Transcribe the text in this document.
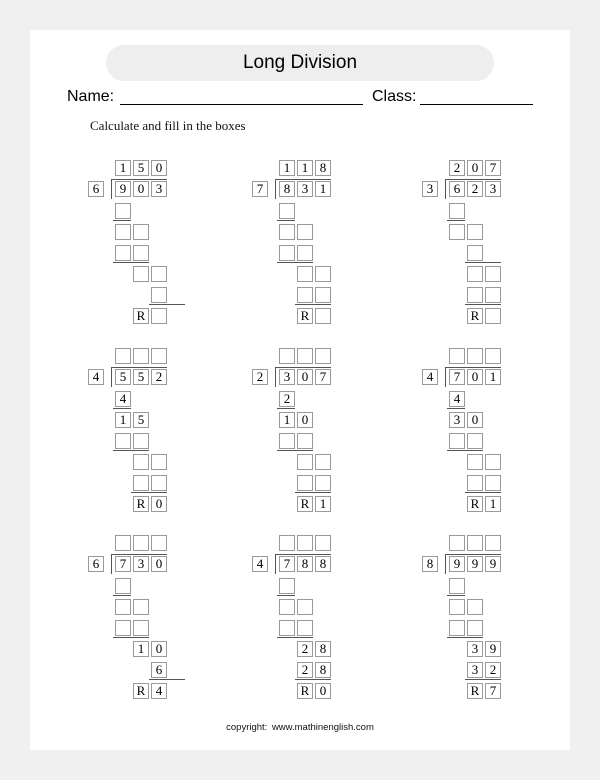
Long Division
Name:	Class:
Calculate and fill in the boxes
1 5 0
6	9 0 3
R
1 1 8
7	8 3 1
R
2 0 7
3	6 2 3
R
4	5 5 2
4
1 5
R 0
2	3 0 7
2
1 0
R 1
4	7 0 1
4
3 0
R 1
6	7 3 0
1 0
6
R 4
4	7 8 8
2 8
2 8
R 0
8	9 9 9
3 9
3 2
R 7
copyright: www.mathinenglish.com
